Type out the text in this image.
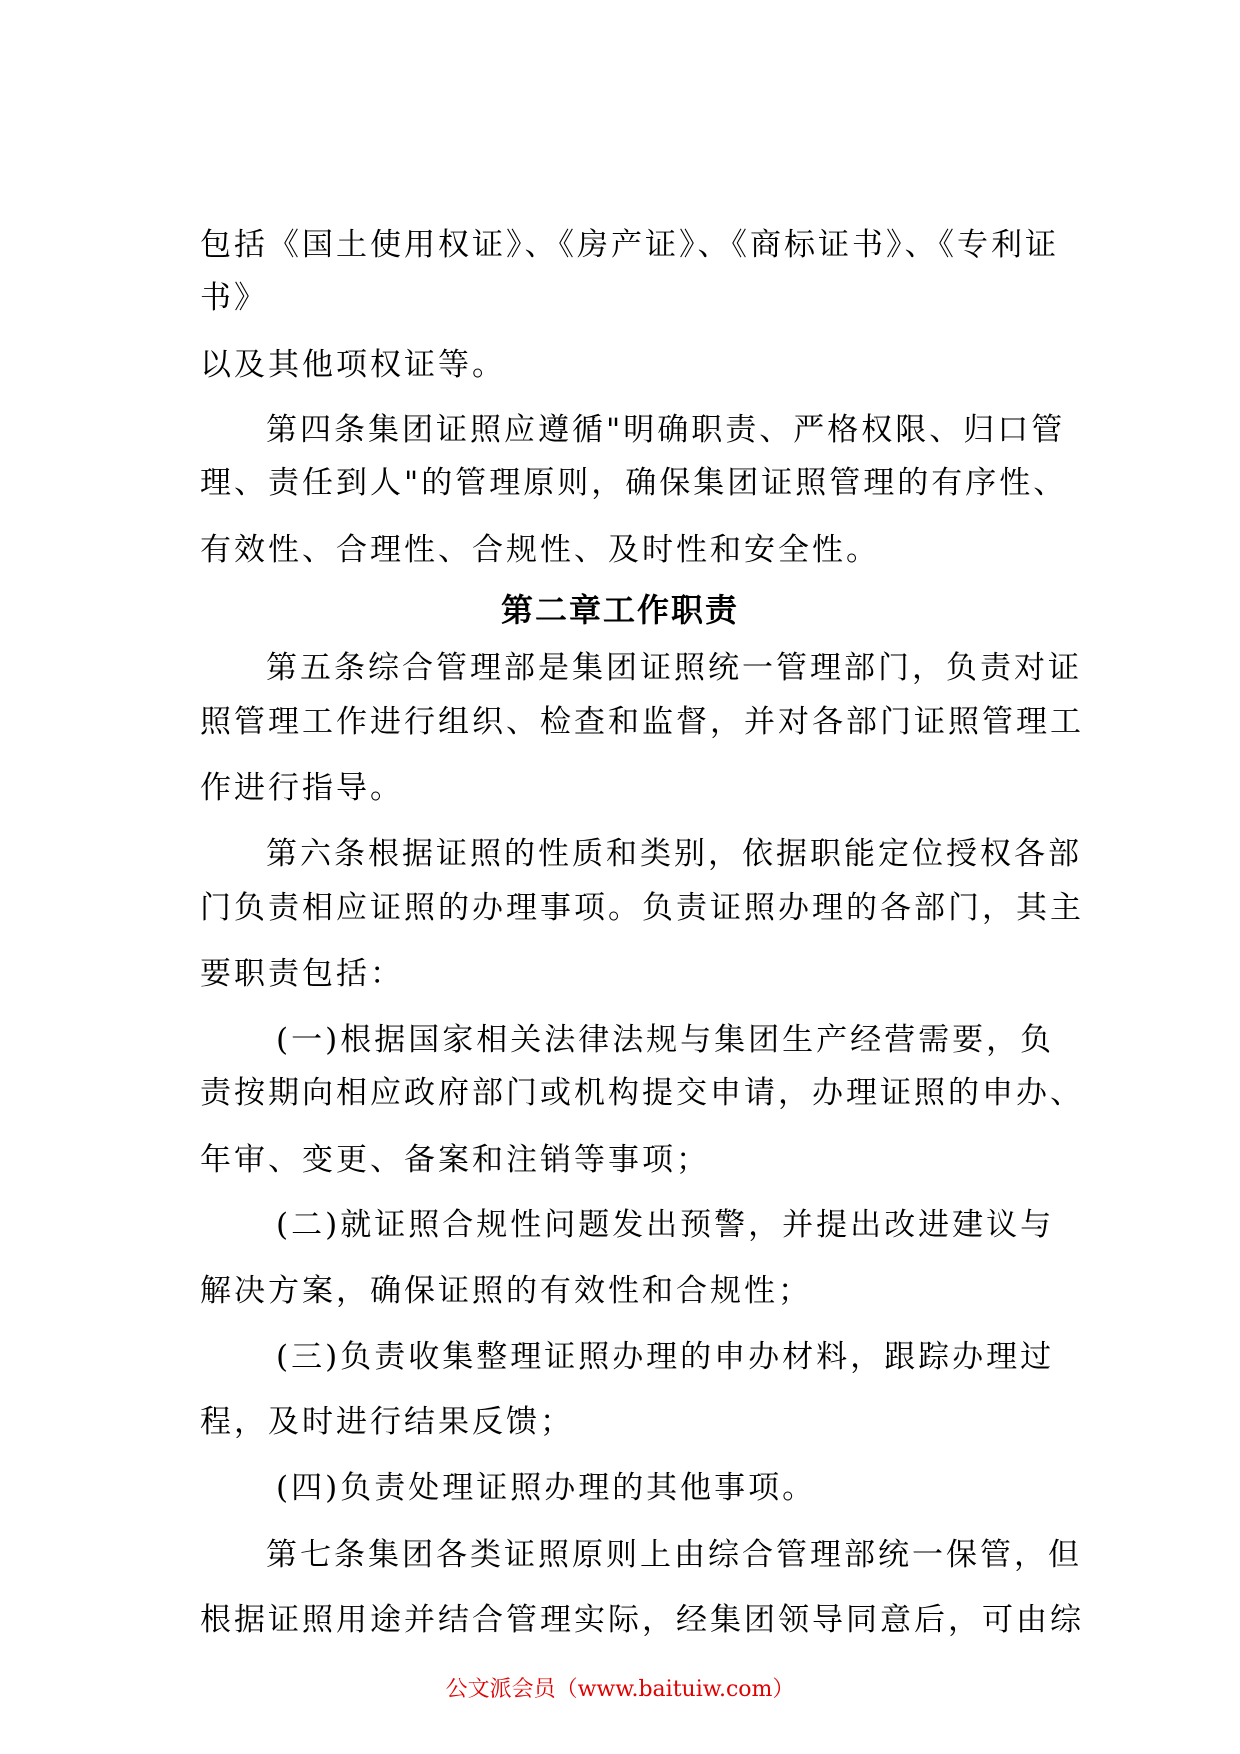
包括《国土使用权证》、《房产证》、《商标证书》、《专利证
书》
以及其他项权证等。
第四条集团证照应遵循"明确职责、严格权限、归口管
理、责任到人"的管理原则，确保集团证照管理的有序性、
有效性、合理性、合规性、及时性和安全性。
第二章工作职责
第五条综合管理部是集团证照统一管理部门，负责对证
照管理工作进行组织、检查和监督，并对各部门证照管理工
作进行指导。
第六条根据证照的性质和类别，依据职能定位授权各部
门负责相应证照的办理事项。负责证照办理的各部门，其主
要职责包括：
(一)根据国家相关法律法规与集团生产经营需要，负
责按期向相应政府部门或机构提交申请，办理证照的申办、
年审、变更、备案和注销等事项；
(二)就证照合规性问题发出预警，并提出改进建议与
解决方案，确保证照的有效性和合规性；
(三)负责收集整理证照办理的申办材料，跟踪办理过
程，及时进行结果反馈；
(四)负责处理证照办理的其他事项。
第七条集团各类证照原则上由综合管理部统一保管，但
根据证照用途并结合管理实际，经集团领导同意后，可由综
公文派会员（www.baituiw.com）
